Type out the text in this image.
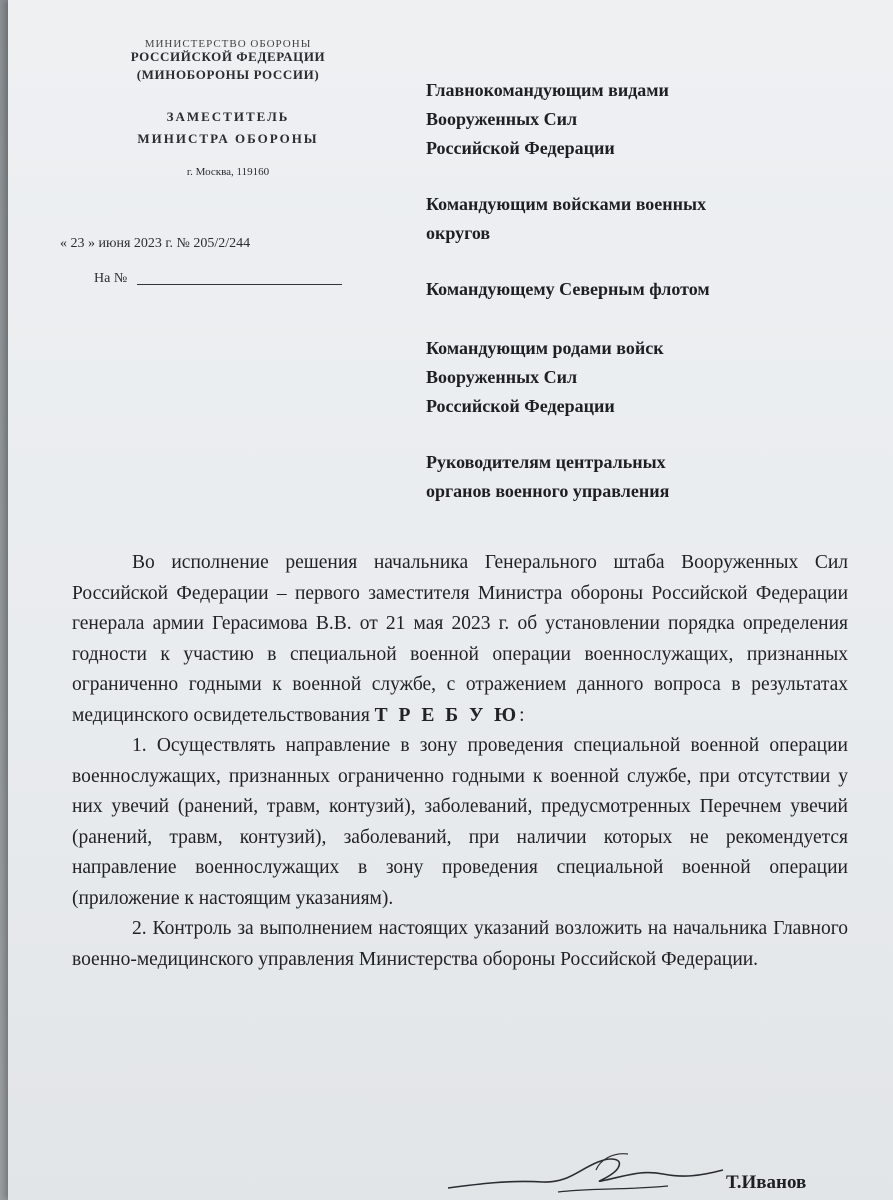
МИНИСТЕРСТВО ОБОРОНЫ
РОССИЙСКОЙ ФЕДЕРАЦИИ
(МИНОБОРОНЫ РОССИИ)
ЗАМЕСТИТЕЛЬ
МИНИСТРА ОБОРОНЫ
г. Москва, 119160
« 23 » июня 2023 г. № 205/2/244
На №
Главнокомандующим видами
Вооруженных Сил
Российской Федерации
Командующим войсками военных
округов
Командующему Северным флотом
Командующим родами войск
Вооруженных Сил
Российской Федерации
Руководителям центральных
органов военного управления

Во исполнение решения начальника Генерального штаба Вооруженных Сил Российской Федерации – первого заместителя Министра обороны Российской Федерации генерала армии Герасимова В.В. от 21 мая 2023 г. об установлении порядка определения годности к участию в специальной военной операции военнослужащих, признанных ограниченно годными к военной службе, с отражением данного вопроса в результатах медицинского освидетельствования Т Р Е Б У Ю:

1. Осуществлять направление в зону проведения специальной военной операции военнослужащих, признанных ограниченно годными к военной службе, при отсутствии у них увечий (ранений, травм, контузий), заболеваний, предусмотренных Перечнем увечий (ранений, травм, контузий), заболеваний, при наличии которых не рекомендуется направление военнослужащих в зону проведения специальной военной операции (приложение к настоящим указаниям).

2. Контроль за выполнением настоящих указаний возложить на начальника Главного военно-медицинского управления Министерства обороны Российской Федерации.

Т.Иванов
